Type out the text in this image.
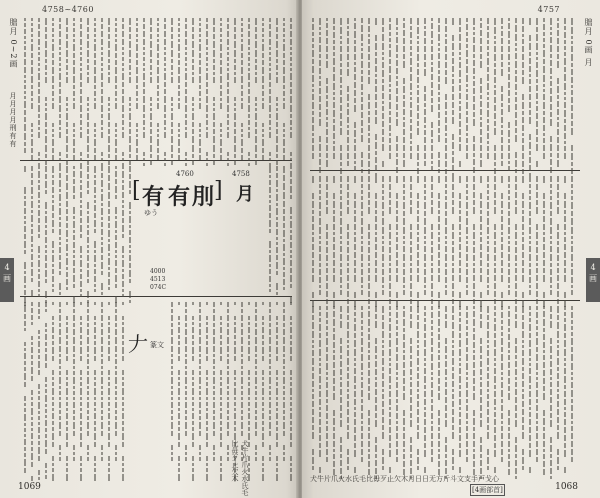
4758~4760
朏月 0~2画
月月月月刑有有
[ 有 有 刖 ] 月
4760	4758
ゆう
4000
4513
074C
𠂇 篆文
4
画
犬牛片爪火水氏毛比毋歹止欠木
1069
4757
朏月 0画 月
4
画
犬牛片爪火水氏毛比毋歹止欠木月日日无方斤斗文支手戸戈心
[4画部首]	1068
